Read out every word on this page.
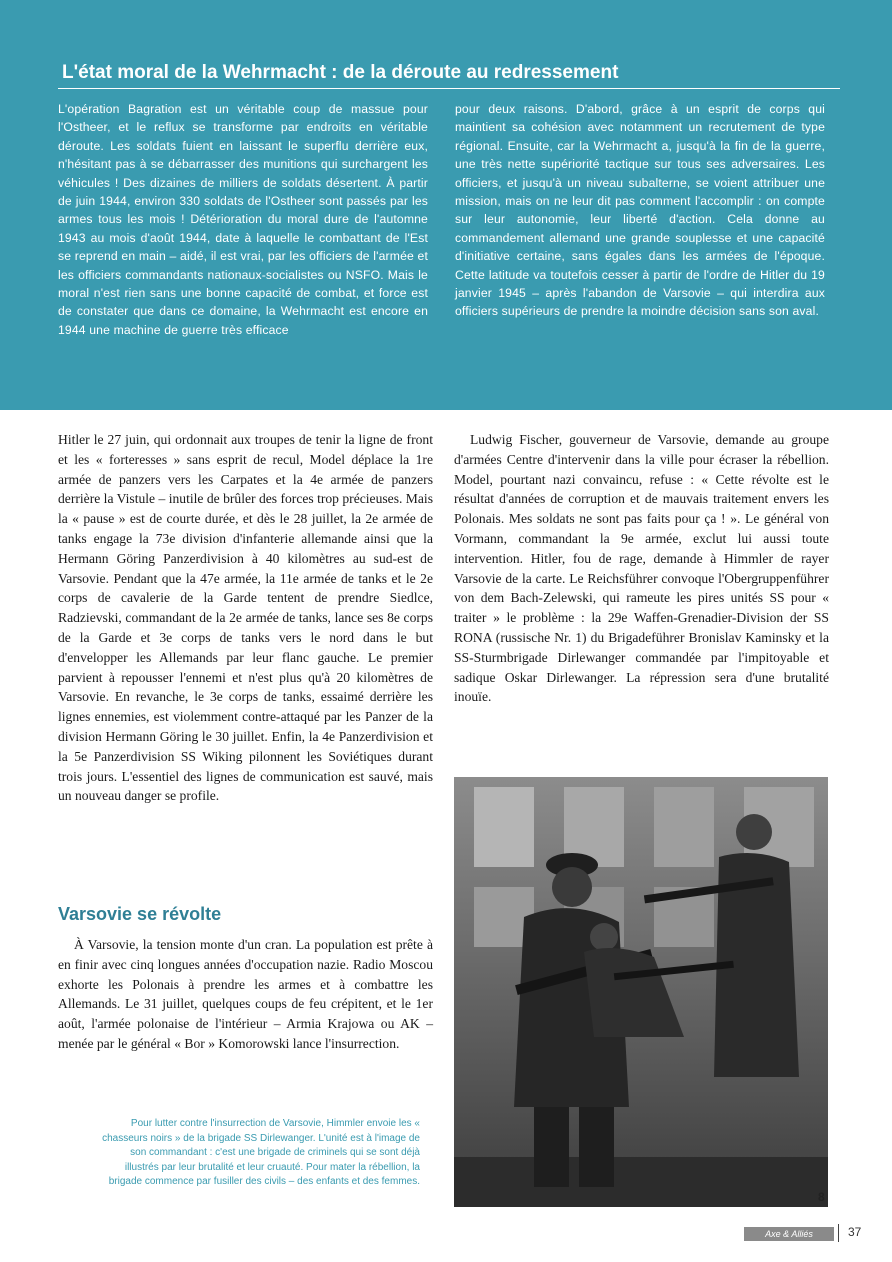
L'état moral de la Wehrmacht : de la déroute au redressement
L'opération Bagration est un véritable coup de massue pour l'Ostheer, et le reflux se transforme par endroits en véritable déroute. Les soldats fuient en laissant le superflu derrière eux, n'hésitant pas à se débarrasser des munitions qui surchargent les véhicules ! Des dizaines de milliers de soldats désertent. À partir de juin 1944, environ 330 soldats de l'Ostheer sont passés par les armes tous les mois ! Détérioration du moral dure de l'automne 1943 au mois d'août 1944, date à laquelle le combattant de l'Est se reprend en main – aidé, il est vrai, par les officiers de l'armée et les officiers commandants nationaux-socialistes ou NSFO. Mais le moral n'est rien sans une bonne capacité de combat, et force est de constater que dans ce domaine, la Wehrmacht est encore en 1944 une machine de guerre très efficace
pour deux raisons. D'abord, grâce à un esprit de corps qui maintient sa cohésion avec notamment un recrutement de type régional. Ensuite, car la Wehrmacht a, jusqu'à la fin de la guerre, une très nette supériorité tactique sur tous ses adversaires. Les officiers, et jusqu'à un niveau subalterne, se voient attribuer une mission, mais on ne leur dit pas comment l'accomplir : on compte sur leur autonomie, leur liberté d'action. Cela donne au commandement allemand une grande souplesse et une capacité d'initiative certaine, sans égales dans les armées de l'époque. Cette latitude va toutefois cesser à partir de l'ordre de Hitler du 19 janvier 1945 – après l'abandon de Varsovie – qui interdira aux officiers supérieurs de prendre la moindre décision sans son aval.

Hitler le 27 juin, qui ordonnait aux troupes de tenir la ligne de front et les « forteresses » sans esprit de recul, Model déplace la 1re armée de panzers vers les Carpates et la 4e armée de panzers derrière la Vistule – inutile de brûler des forces trop précieuses. Mais la « pause » est de courte durée, et dès le 28 juillet, la 2e armée de tanks engage la 73e division d'infanterie allemande ainsi que la Hermann Göring Panzerdivision à 40 kilomètres au sud-est de Varsovie. Pendant que la 47e armée, la 11e armée de tanks et le 2e corps de cavalerie de la Garde tentent de prendre Siedlce, Radzievski, commandant de la 2e armée de tanks, lance ses 8e corps de la Garde et 3e corps de tanks vers le nord dans le but d'envelopper les Allemands par leur flanc gauche. Le premier parvient à repousser l'ennemi et n'est plus qu'à 20 kilomètres de Varsovie. En revanche, le 3e corps de tanks, essaimé derrière les lignes ennemies, est violemment contre-attaqué par les Panzer de la division Hermann Göring le 30 juillet. Enfin, la 4e Panzerdivision et la 5e Panzerdivision SS Wiking pilonnent les Soviétiques durant trois jours. L'essentiel des lignes de communication est sauvé, mais un nouveau danger se profile.

Varsovie se révolte

À Varsovie, la tension monte d'un cran. La population est prête à en finir avec cinq longues années d'occupation nazie. Radio Moscou exhorte les Polonais à prendre les armes et à combattre les Allemands. Le 31 juillet, quelques coups de feu crépitent, et le 1er août, l'armée polonaise de l'intérieur – Armia Krajowa ou AK – menée par le général « Bor » Komorowski lance l'insurrection.

Ludwig Fischer, gouverneur de Varsovie, demande au groupe d'armées Centre d'intervenir dans la ville pour écraser la rébellion. Model, pourtant nazi convaincu, refuse : « Cette révolte est le résultat d'années de corruption et de mauvais traitement envers les Polonais. Mes soldats ne sont pas faits pour ça ! ». Le général von Vormann, commandant la 9e armée, exclut lui aussi toute intervention. Hitler, fou de rage, demande à Himmler de rayer Varsovie de la carte. Le Reichsführer convoque l'Obergruppenführer von dem Bach-Zelewski, qui rameute les pires unités SS pour « traiter » le problème : la 29e Waffen-Grenadier-Division der SS RONA (russische Nr. 1) du Brigadeführer Bronislav Kaminsky et la SS-Sturmbrigade Dirlewanger commandée par l'impitoyable et sadique Oskar Dirlewanger. La répression sera d'une brutalité inouïe.

8
Pour lutter contre l'insurrection de Varsovie, Himmler envoie les « chasseurs noirs » de la brigade SS Dirlewanger. L'unité est à l'image de son commandant : c'est une brigade de criminels qui se sont déjà illustrés par leur brutalité et leur cruauté. Pour mater la rébellion, la brigade commence par fusiller des civils – des enfants et des femmes.
Axe & Alliés	37
